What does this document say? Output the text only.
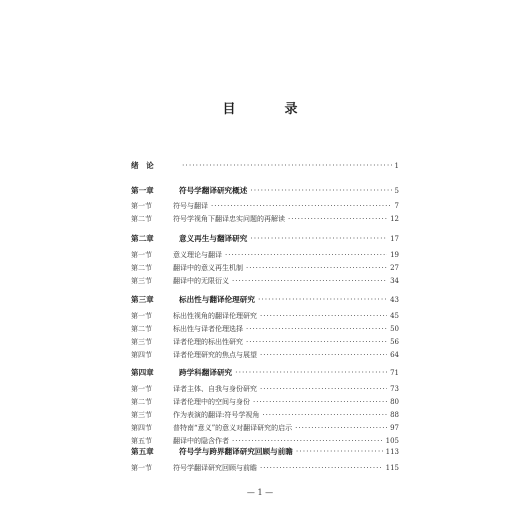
目　录
绪　论 ·····	1
第一章	符号学翻译研究概述 ·····	5
第一节	符号与翻译 ·····	7
第二节	符号学视角下翻译忠实问题的再解读 ·····	12
第二章	意义再生与翻译研究 ·····	17
第一节	意义理论与翻译 ·····	19
第二节	翻译中的意义再生机制 ·····	27
第三节	翻译中的无限衍义 ·····	34
第三章	标出性与翻译伦理研究 ·····	43
第一节	标出性视角的翻译伦理研究 ·····	45
第二节	标出性与译者伦理选择 ·····	50
第三节	译者伦理的标出性研究 ·····	56
第四节	译者伦理研究的焦点与展望 ·····	64
第四章	跨学科翻译研究 ·····	71
第一节	译者主体、自我与身份研究 ·····	73
第二节	译者伦理中的空间与身份 ·····	80
第三节	作为表演的翻译:符号学视角 ·····	88
第四节	普特南“意义”的意义对翻译研究的启示 ·····	97
第五节	翻译中的隐含作者 ·····	105
第五章	符号学与跨界翻译研究回顾与前瞻 ·····	113
第一节	符号学翻译研究回顾与前瞻 ·····	115
— 1 —
